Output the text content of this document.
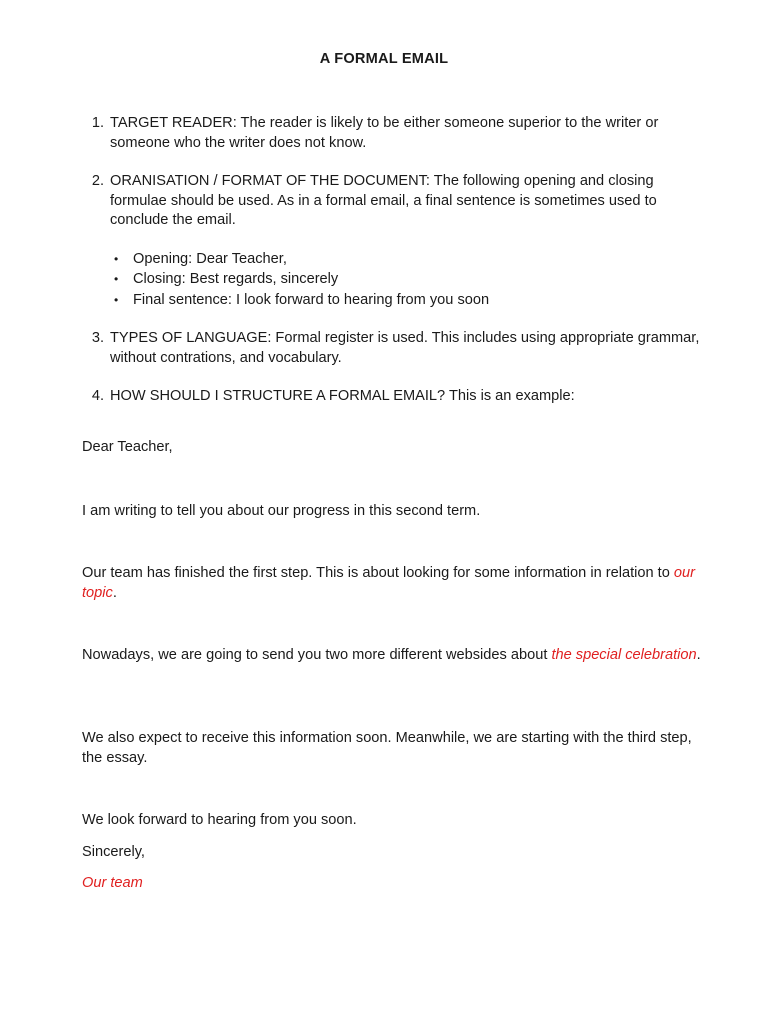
A FORMAL EMAIL
1. TARGET READER: The reader is likely to be either someone superior to the writer or someone who the writer does not know.
2. ORANISATION / FORMAT OF THE DOCUMENT: The following opening and closing formulae should be used. As in a formal email, a final sentence is sometimes used to conclude the email.
• Opening: Dear Teacher,
• Closing: Best regards, sincerely
• Final sentence: I look forward to hearing from you soon
3. TYPES OF LANGUAGE: Formal register is used. This includes using appropriate grammar, without contrations, and vocabulary.
4. HOW SHOULD I STRUCTURE A FORMAL EMAIL? This is an example:
Dear Teacher,
I am writing to tell you about our progress in this second term.
Our team has finished the first step. This is about looking for some information in relation to our topic.
Nowadays, we are going to send you two more different websides about the special celebration.
We also expect to receive this information soon. Meanwhile, we are starting with the third step, the essay.
We look forward to hearing from you soon.
Sincerely,
Our team
